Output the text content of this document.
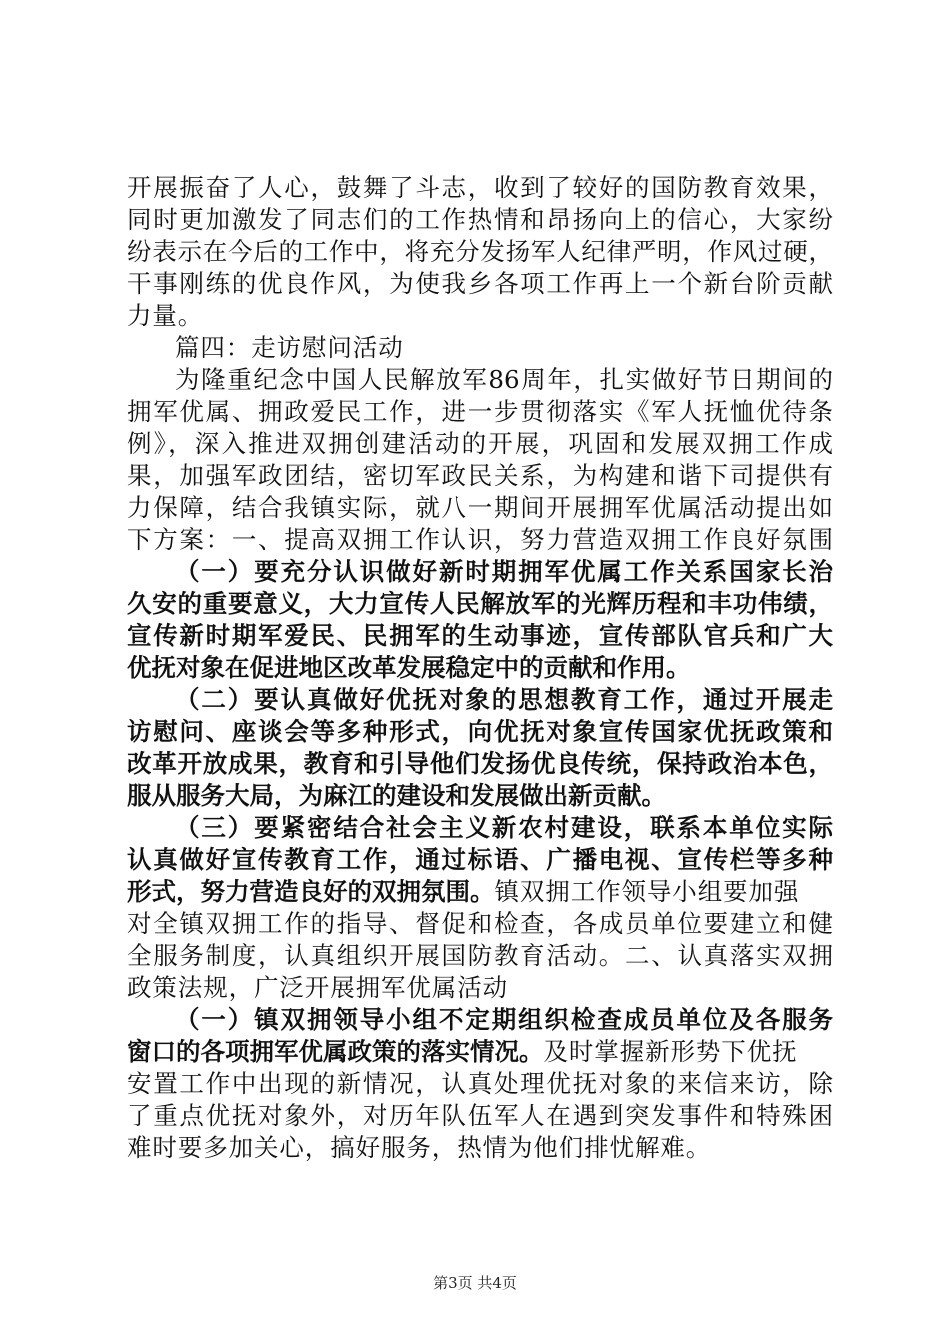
开展振奋了人心，鼓舞了斗志，收到了较好的国防教育效果，
同时更加激发了同志们的工作热情和昂扬向上的信心，大家纷
纷表示在今后的工作中，将充分发扬军人纪律严明，作风过硬，
干事刚练的优良作风，为使我乡各项工作再上一个新台阶贡献
力量。
篇四：走访慰问活动
为隆重纪念中国人民解放军86周年，扎实做好节日期间的
拥军优属、拥政爱民工作，进一步贯彻落实《军人抚恤优待条
例》，深入推进双拥创建活动的开展，巩固和发展双拥工作成
果，加强军政团结，密切军政民关系，为构建和谐下司提供有
力保障，结合我镇实际，就八一期间开展拥军优属活动提出如
下方案：一、提高双拥工作认识，努力营造双拥工作良好氛围
（一）要充分认识做好新时期拥军优属工作关系国家长治
久安的重要意义，大力宣传人民解放军的光辉历程和丰功伟绩，
宣传新时期军爱民、民拥军的生动事迹，宣传部队官兵和广大
优抚对象在促进地区改革发展稳定中的贡献和作用。
（二）要认真做好优抚对象的思想教育工作，通过开展走
访慰问、座谈会等多种形式，向优抚对象宣传国家优抚政策和
改革开放成果，教育和引导他们发扬优良传统，保持政治本色，
服从服务大局，为麻江的建设和发展做出新贡献。
（三）要紧密结合社会主义新农村建设，联系本单位实际
认真做好宣传教育工作，通过标语、广播电视、宣传栏等多种
形式，努力营造良好的双拥氛围。镇双拥工作领导小组要加强
对全镇双拥工作的指导、督促和检查，各成员单位要建立和健
全服务制度，认真组织开展国防教育活动。二、认真落实双拥
政策法规，广泛开展拥军优属活动
（一）镇双拥领导小组不定期组织检查成员单位及各服务
窗口的各项拥军优属政策的落实情况。及时掌握新形势下优抚
安置工作中出现的新情况，认真处理优抚对象的来信来访，除
了重点优抚对象外，对历年队伍军人在遇到突发事件和特殊困
难时要多加关心，搞好服务，热情为他们排忧解难。
第3页 共4页
